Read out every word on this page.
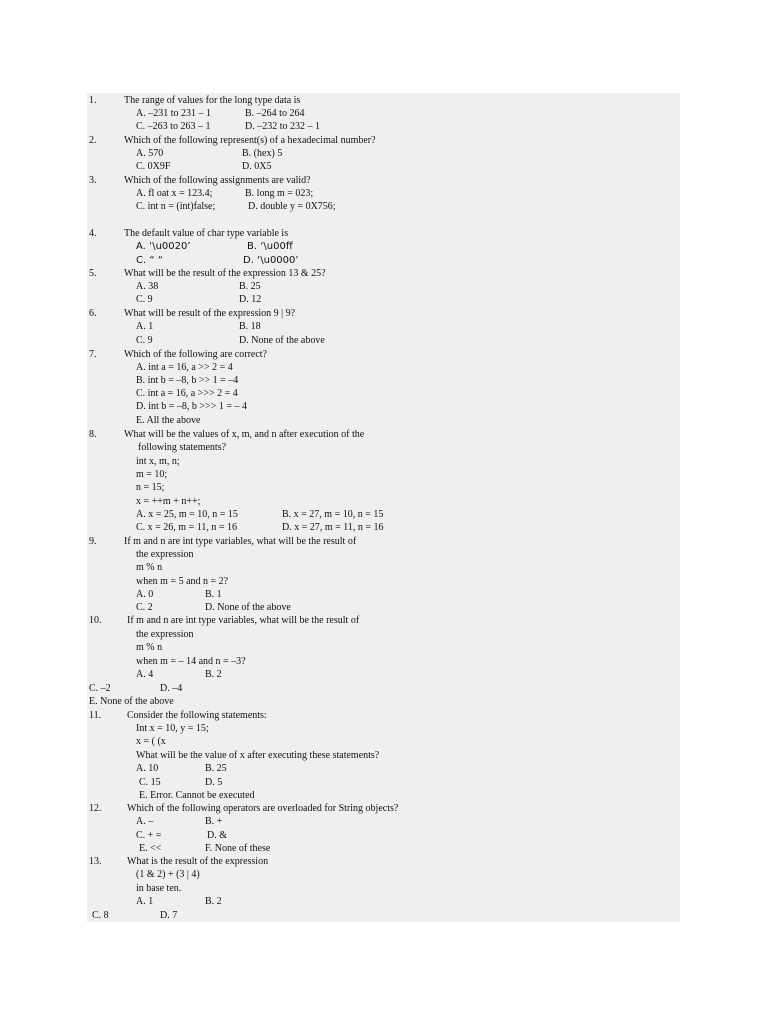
1.	The range of values for the long type data is
A. –231 to 231 – 1	B. –264 to 264
C. –263 to 263 – 1	D. –232 to 232 – 1
2.	Which of the following represent(s) of a hexadecimal number?
A. 570	B. (hex) 5
C. 0X9F	D. 0X5
3.	Which of the following assignments are valid?
A. fl oat x = 123.4;	B. long m = 023;
C. int n = (int)false;	D. double y = 0X756;
4.	The default value of char type variable is
A. ‘\u0020’	B. ‘\u00ff
C. “ “	D. ‘\u0000’
5.	What will be the result of the expression 13 & 25?
A. 38	B. 25
C. 9	D. 12
6.	What will be result of the expression 9 | 9?
A. 1	B. 18
C. 9	D. None of the above
7.	Which of the following are correct?
A. int a = 16, a >> 2 = 4
B. int b = –8, b >> 1 = –4
C. int a = 16, a >>> 2 = 4
D. int b = –8, b >>> 1 = – 4
E. All the above
8.	What will be the values of x, m, and n after execution of the
following statements?
int x, m, n;
m = 10;
n = 15;
x = ++m + n++;
A. x = 25, m = 10, n = 15	B. x = 27, m = 10, n = 15
C. x = 26, m = 11, n = 16	D. x = 27, m = 11, n = 16
9.	If m and n are int type variables, what will be the result of
the expression
m % n
when m = 5 and n = 2?
A. 0	B. 1
C. 2	D. None of the above
10.	If m and n are int type variables, what will be the result of
the expression
m % n
when m = – 14 and n = –3?
A. 4	B. 2
C. –2	D. –4
E. None of the above
11.	Consider the following statements:
Int x = 10, y = 15;
x = ( (x
What will be the value of x after executing these statements?
A. 10	B. 25
C. 15	D. 5
E. Error. Cannot be executed
12.	Which of the following operators are overloaded for String objects?
A. –	B. +
C. + =	D. &
E. <<	F. None of these
13.	What is the result of the expression
(1 & 2) + (3 | 4)
in base ten.
A. 1	B. 2
C. 8	D. 7
